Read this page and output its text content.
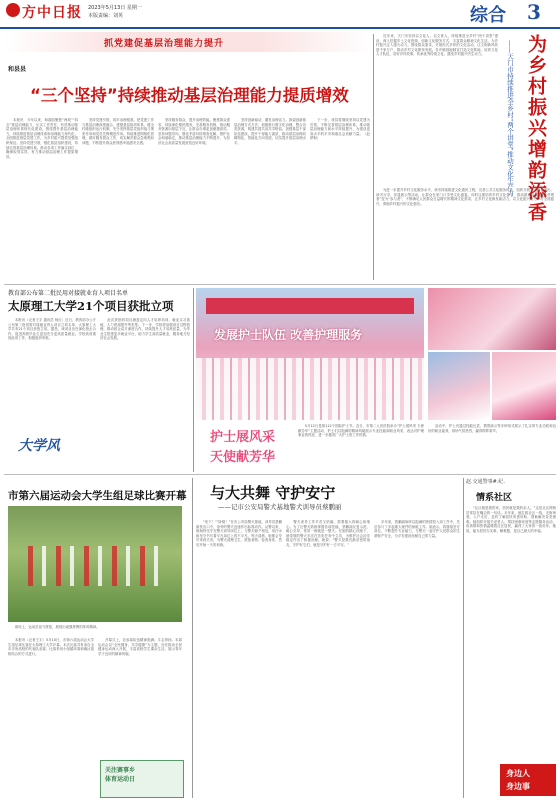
方中日报 2023年5月13日 星期一
本版责编：刘英	综合 3
抓党建促基层治理能力提升
和县县
“三个坚持”持续推动基层治理能力提质增效
　　本报讯　今年以来，和湖县聚焦“两段”“四全”基层治理能力，压实工作责任，有效推动基层治理体系现代化建设。围绕提升基层治理能力，持续推进基层治理体系和治理能力现代化，全面推进基层党建工作，为乡村振兴提供坚强组织保证。坚持党建引领，强化基层组织建设，持续完善基层治理体系。推动各项工作落实到位，确保取得实效，有力推动基层治理工作提质增效。
　　坚持党建引领，筑牢治理根基。把党建工作与基层治理深度融合，建强基层组织体系，健全村级组织运行机制，充分发挥基层党组织战斗堡垒作用和党员先锋模范作用。持续推进网格化管理，做好服务群众工作，切实解决群众急难愁盼问题，不断提升群众获得感幸福感安全感。
　　坚持服务群众，提升治理效能。聚焦群众需求，持续深化便民服务，完善服务机制，推动服务资源向基层下沉，让群众办事更加便捷高效。坚持问题导向，强化矛盾纠纷排查化解，维护社会和谐稳定，推动基层治理能力不断提升，为经济社会高质量发展营造良好环境。
　　坚持创新驱动，激发治理活力。探索创新基层治理方式方法，积极推行数字化治理，整合各类资源，构建共建共治共享格局。加强基层干部队伍建设，提升干部能力素质，推动基层治理向精细化、智能化方向发展，切实提升基层治理水平。
　　下一步，该县将继续坚持以党建为引领，不断完善基层治理体系，推动基层治理能力和水平持续提升，为建设更高水平的平安和谐社会贡献力量。（赵梦柯）
　　近年来，天门市坚持以文化人、以文育人，持续推进全乡村“两个讲堂”建设，深入挖掘乡土文化资源，创新文化服务方式，丰富群众精神文化生活，为乡村振兴注入强大动力。围绕群众需求，开展形式多样的文化活动，让文明新风吹进千家万户，推动乡村文化繁荣发展。各乡镇因地制宜打造文化阵地，培育文化人才队伍，讲好乡村故事，传承优秀传统文化，激发乡村振兴内生动力。	为乡村振兴增韵添香
——天门市持续推进全乡村“两个讲堂”推动文化生产力
　　为进一步提升乡村文化服务水平，该市持续推进文化惠民工程，完善公共文化服务体系，组织开展各类文艺演出、读书分享、非遗展示等活动，让群众在家门口享受文化盛宴。同时注重培育乡村文化骨干，推动群众从文化的“旁观者”变为“参与者”，不断满足人民群众日益增长的精神文化需求，让乡村文化焕发新活力，以文化振兴助力乡村全面振兴，奏响乡村振兴的文化强音。
教育部公布第二批民用对接就业育人项目名单
太原理工大学21个项目获批立项
　　本报讯（记者王宇 通讯员 杨红）近日，教育部办公厅公布第二批供需对接就业育人项目立项名单，太原理工大学共有21个项目获批立项。据悉，该项目旨在深化校企合作，促进高校毕业生更加充分更高质量就业。学校高度重视此项工作，积极组织申报。
　　此次获批的项目涵盖定向人才培养培训、就业实习基地、人力资源提升等类型。下一步，学校将加强项目过程管理，推动校企双方深度合作，持续提升人才培养质量，为毕业生搭建更多就业平台，助力学生高质量就业，服务地方经济社会发展。
大学风
发展护士队伍 改善护理服务
护士展风采
天使献芳华
　　5月12日是第112个国际护士节。近日，市第二人民医院举办“护士展风采 天使献芳华”主题活动，护士们以饱满的精神风貌展示专业技能和职业风采，表达对护理事业的热爱，进一步激发广大护士的工作热情。
　　活动中，护士们通过技能比武、情景演示等多种形式展示了扎实的专业功底和良好的职业素养，现场气氛热烈，赢得阵阵掌声。
市第六届运动会大学生组足球比赛开幕
　　赛场上，运动员奋力拼抢，展现出顽强拼搏的体育精神。
　　本报讯（记者王宇）5月10日，市第六届运动会大学生组足球比赛在太原理工大学开幕。本次比赛共有来自全市多所高校的代表队参赛，比赛采用小组循环赛和淘汰赛相结合的方式进行。
　　开幕式上，各参赛队伍精神饱满、斗志昂扬。本届运动会以“全民健身、共享健康”为主题，旨在推动全民健身运动深入开展，丰富高校学生课余生活，展示青年学子良好的精神风貌。
关注赛事乡
体育运动日
与大共舞 守护安宁
——记市公安局警犬基地警犬训导员蔡鹏丽
　　“坐下！”“卧倒！”在市公安局警犬基地，训导员蔡鹏丽发出口令，身旁的警犬迅速作出标准动作。从警以来，她始终坚守在警犬训导岗位上，与警犬朝夕相处，用汗水和坚守书写着平凡岗位上的不平凡。每天清晨，她都会早早来到犬舍，为警犬清理卫生、准备食物、检查身体，然后开始一天的训练。
　　警犬训导工作辛苦又枯燥，需要极大的耐心和细心。为了让警犬熟练掌握各项技能，蔡鹏丽反复示范、耐心引导，常常一练就是一整天。在她的精心训练下，她带领的警犬多次在各类任务中立功，为维护社会治安稳定作出了积极贡献。她说：“警犬是我们最亲密的战友，守护好它们，就是守护好一方平安。”
　　多年来，蔡鹏丽始终以饱满的热情投入到工作中，先后参与了多起重大案件的侦破工作。她表示，将继续坚守岗位，不断提升专业能力，与警犬一起守护人民群众的生命财产安全，为平安建设贡献自己的力量。
赵.交通警事#.纪.
情系社区
　　“社区就是我的家，居民就是我的亲人。”这是社区网格员常挂在嘴边的一句话。多年来，她扎根社区一线，走街串巷、入户走访，及时了解居民所需所盼，帮助解决各类困难。她组织开展关爱老人、帮扶困难家庭等志愿服务活动，用真情和热情温暖着社区居民，赢得了大家的一致好评。她说，能为居民办实事、解难题，是自己最大的幸福。
身边人
身边事
